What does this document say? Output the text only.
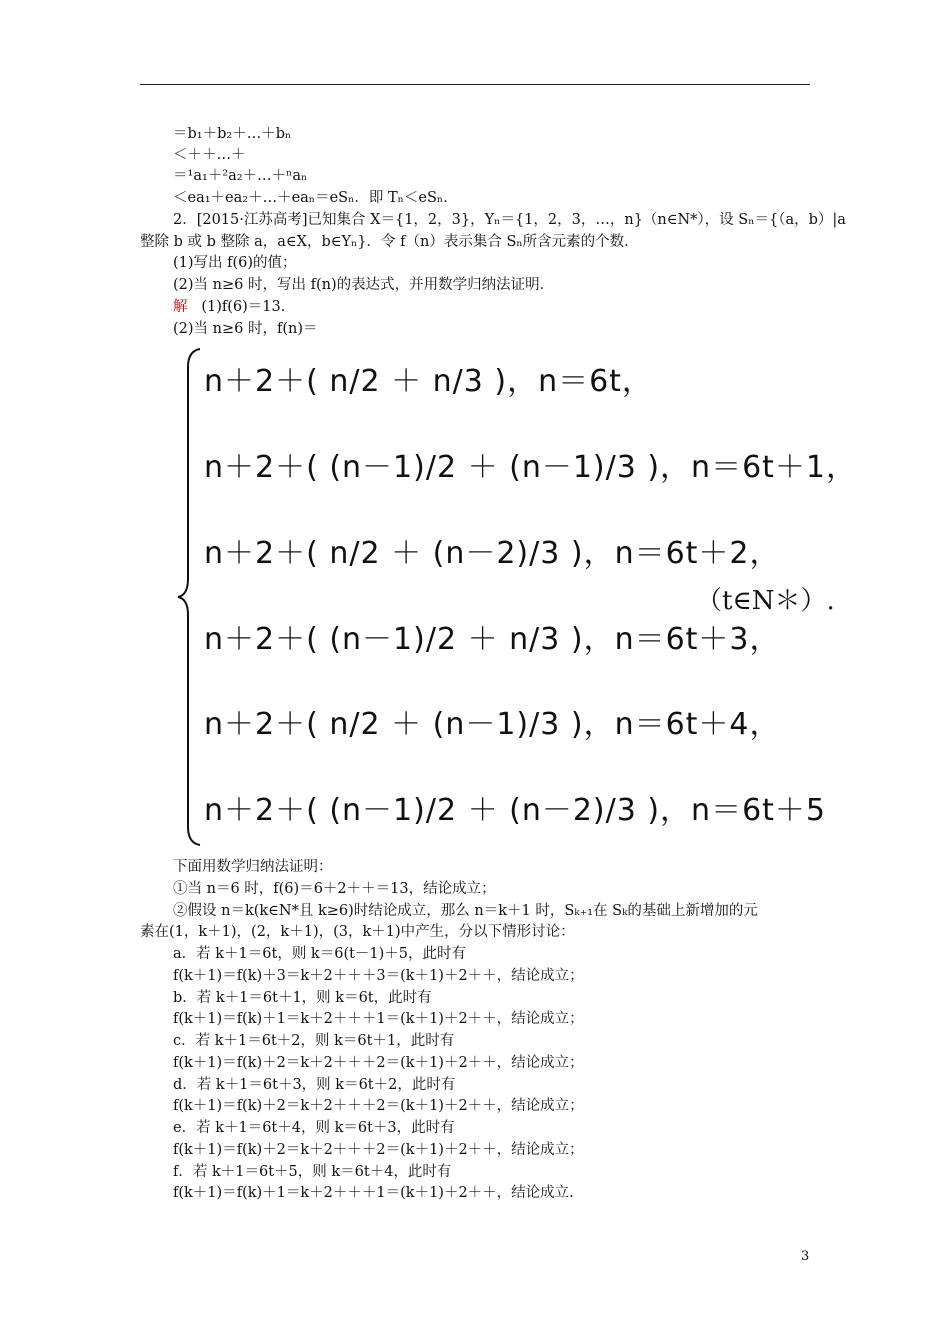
＝b₁＋b₂＋…＋bₙ
＜＋＋…＋
＝¹a₁＋²a₂＋…＋ⁿaₙ
＜ea₁＋ea₂＋…＋eaₙ＝eSₙ．即 Tₙ＜eSₙ．
2．[2015·江苏高考]已知集合 X＝{1，2，3}，Yₙ＝{1，2，3，…，n}（n∈N*），设 Sₙ＝{（a，b）|a
整除 b 或 b 整除 a，a∈X，b∈Yₙ}．令 f（n）表示集合 Sₙ所含元素的个数．
(1)写出 f(6)的值；
(2)当 n≥6 时，写出 f(n)的表达式，并用数学归纳法证明．
解 (1)f(6)＝13.
(2)当 n≥6 时，f(n)＝
n＋2＋( n/2 ＋ n/3 )，n＝6t，
n＋2＋( (n－1)/2 ＋ (n－1)/3 )，n＝6t＋1，
n＋2＋( n/2 ＋ (n－2)/3 )，n＝6t＋2，
n＋2＋( (n－1)/2 ＋ n/3 )，n＝6t＋3，
n＋2＋( n/2 ＋ (n－1)/3 )，n＝6t＋4，
n＋2＋( (n－1)/2 ＋ (n－2)/3 )，n＝6t＋5
（t∈N＊）.
下面用数学归纳法证明：
①当 n＝6 时，f(6)＝6＋2＋＋＝13，结论成立；
②假设 n＝k(k∈N*且 k≥6)时结论成立，那么 n＝k＋1 时，Sₖ₊₁在 Sₖ的基础上新增加的元
素在(1，k＋1)，(2，k＋1)，(3，k＋1)中产生，分以下情形讨论：
a．若 k＋1＝6t，则 k＝6(t－1)＋5，此时有
f(k＋1)＝f(k)＋3＝k＋2＋＋＋3＝(k＋1)＋2＋＋，结论成立；
b．若 k＋1＝6t＋1，则 k＝6t，此时有
f(k＋1)＝f(k)＋1＝k＋2＋＋＋1＝(k＋1)＋2＋＋，结论成立；
c．若 k＋1＝6t＋2，则 k＝6t＋1，此时有
f(k＋1)＝f(k)＋2＝k＋2＋＋＋2＝(k＋1)＋2＋＋，结论成立；
d．若 k＋1＝6t＋3，则 k＝6t＋2，此时有
f(k＋1)＝f(k)＋2＝k＋2＋＋＋2＝(k＋1)＋2＋＋，结论成立；
e．若 k＋1＝6t＋4，则 k＝6t＋3，此时有
f(k＋1)＝f(k)＋2＝k＋2＋＋＋2＝(k＋1)＋2＋＋，结论成立；
f．若 k＋1＝6t＋5，则 k＝6t＋4，此时有
f(k＋1)＝f(k)＋1＝k＋2＋＋＋1＝(k＋1)＋2＋＋，结论成立.
3
